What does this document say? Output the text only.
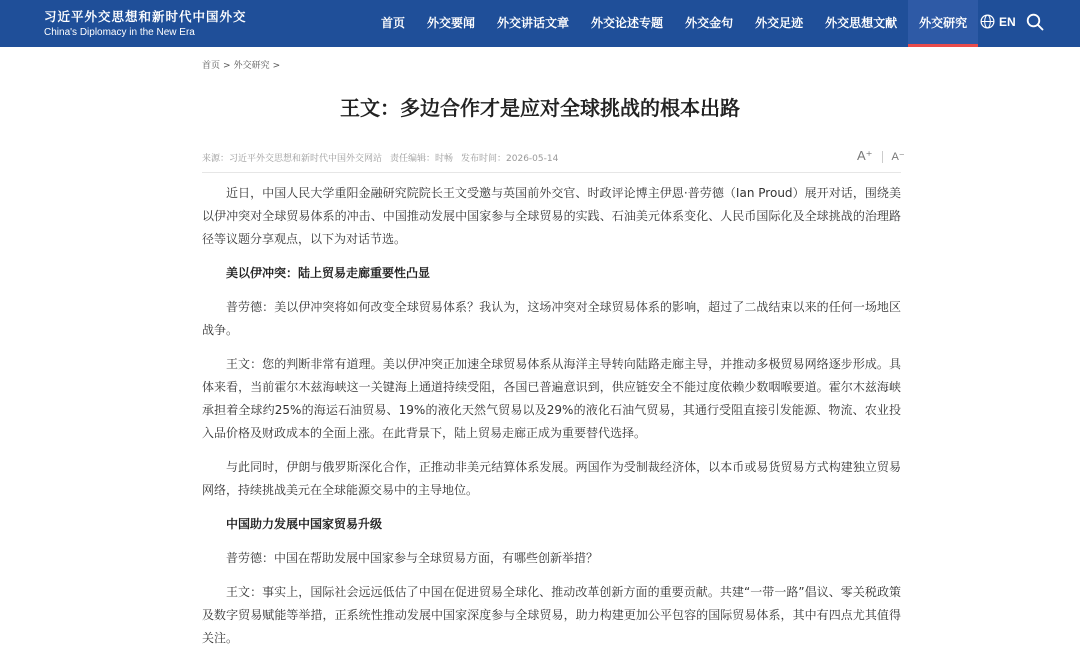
习近平外交思想和新时代中国外交
China's Diplomacy in the New Era
首页	外交要闻	外交讲话文章	外交论述专题	外交金句	外交足迹	外交思想文献	外交研究	EN
首页 > 外交研究 >
王文：多边合作才是应对全球挑战的根本出路
来源：习近平外交思想和新时代中国外交网站 责任编辑：时畅 发布时间：2026-05-14	A⁺ A⁻

近日，中国人民大学重阳金融研究院院长王文受邀与英国前外交官、时政评论博主伊恩·普劳德（Ian Proud）展开对话，围绕美以伊冲突对全球贸易体系的冲击、中国推动发展中国家参与全球贸易的实践、石油美元体系变化、人民币国际化及全球挑战的治理路径等议题分享观点，以下为对话节选。

美以伊冲突：陆上贸易走廊重要性凸显

普劳德：美以伊冲突将如何改变全球贸易体系？我认为，这场冲突对全球贸易体系的影响，超过了二战结束以来的任何一场地区战争。

王文：您的判断非常有道理。美以伊冲突正加速全球贸易体系从海洋主导转向陆路走廊主导，并推动多极贸易网络逐步形成。具体来看，当前霍尔木兹海峡这一关键海上通道持续受阻，各国已普遍意识到，供应链安全不能过度依赖少数咽喉要道。霍尔木兹海峡承担着全球约25%的海运石油贸易、19%的液化天然气贸易以及29%的液化石油气贸易，其通行受阻直接引发能源、物流、农业投入品价格及财政成本的全面上涨。在此背景下，陆上贸易走廊正成为重要替代选择。

与此同时，伊朗与俄罗斯深化合作，正推动非美元结算体系发展。两国作为受制裁经济体，以本币或易货贸易方式构建独立贸易网络，持续挑战美元在全球能源交易中的主导地位。

中国助力发展中国家贸易升级

普劳德：中国在帮助发展中国家参与全球贸易方面，有哪些创新举措？

王文：事实上，国际社会远远低估了中国在促进贸易全球化、推动改革创新方面的重要贡献。共建“一带一路”倡议、零关税政策及数字贸易赋能等举措，正系统性推动发展中国家深度参与全球贸易，助力构建更加公平包容的国际贸易体系，其中有四点尤其值得关注。
